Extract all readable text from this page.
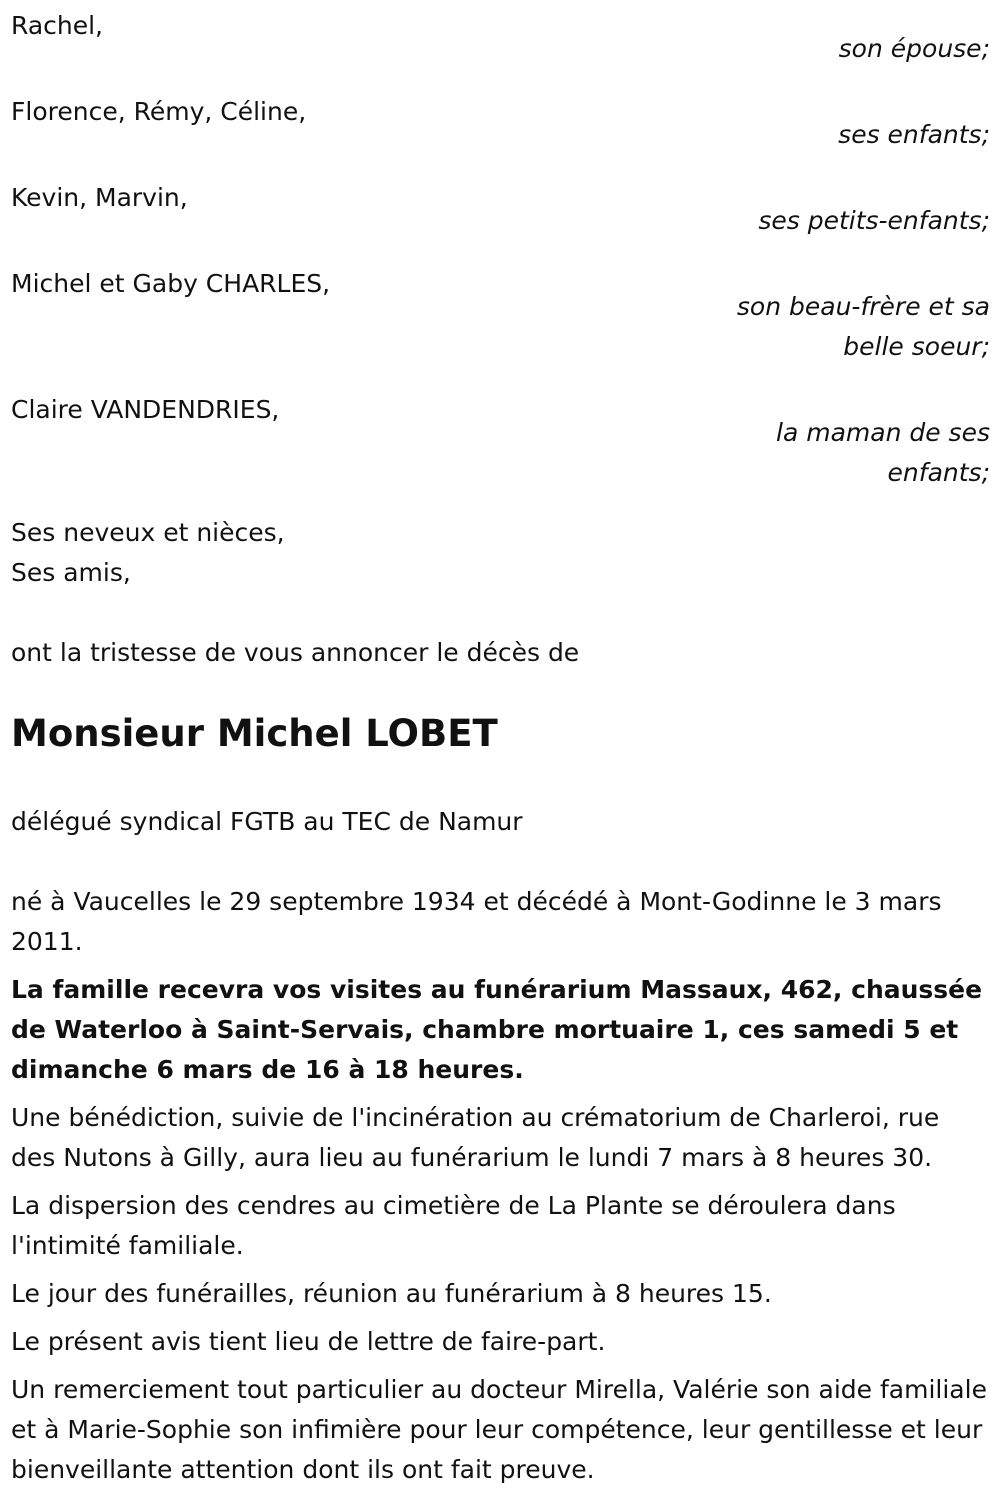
Rachel,
son épouse;
Florence, Rémy, Céline,
ses enfants;
Kevin, Marvin,
ses petits-enfants;
Michel et Gaby CHARLES,
son beau-frère et sa belle soeur;
Claire VANDENDRIES,
la maman de ses enfants;
Ses neveux et nièces,
Ses amis,
ont la tristesse de vous annoncer le décès de
Monsieur Michel LOBET
délégué syndical FGTB au TEC de Namur
né à Vaucelles le 29 septembre 1934 et décédé à Mont-Godinne le 3 mars 2011.

La famille recevra vos visites au funérarium Massaux, 462, chaussée de Waterloo à Saint-Servais, chambre mortuaire 1, ces samedi 5 et dimanche 6 mars de 16 à 18 heures.

Une bénédiction, suivie de l'incinération au crématorium de Charleroi, rue des Nutons à Gilly, aura lieu au funérarium le lundi 7 mars à 8 heures 30.

La dispersion des cendres au cimetière de La Plante se déroulera dans l'intimité familiale.

Le jour des funérailles, réunion au funérarium à 8 heures 15.

Le présent avis tient lieu de lettre de faire-part.

Un remerciement tout particulier au docteur Mirella, Valérie son aide familiale et à Marie-Sophie son infimière pour leur compétence, leur gentillesse et leur bienveillante attention dont ils ont fait preuve.
